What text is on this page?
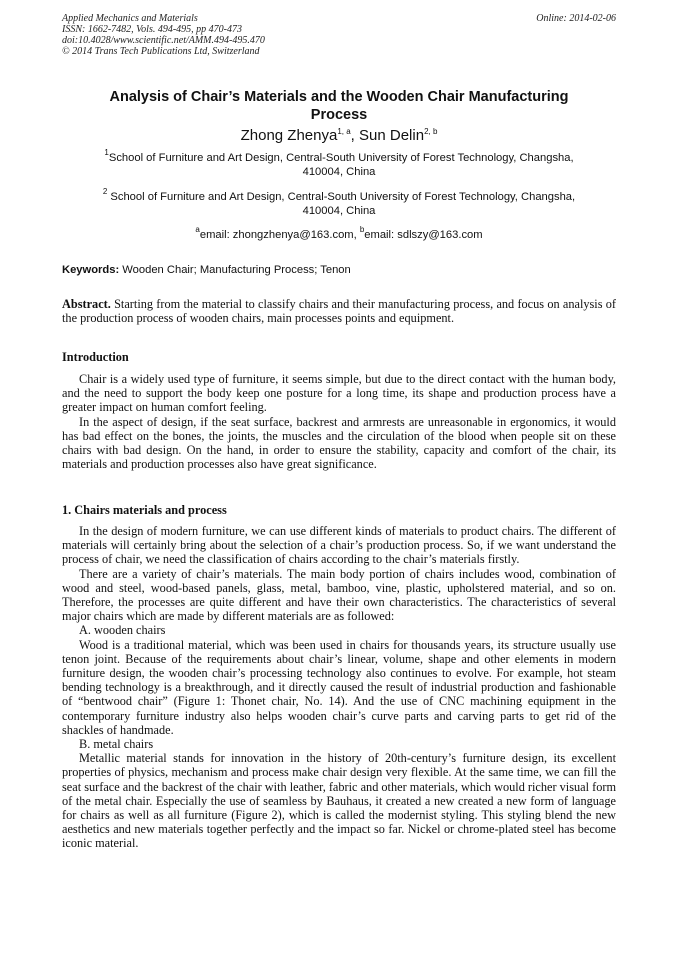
Applied Mechanics and Materials
ISSN: 1662-7482, Vols. 494-495, pp 470-473
doi:10.4028/www.scientific.net/AMM.494-495.470
© 2014 Trans Tech Publications Ltd, Switzerland
Online: 2014-02-06
Analysis of Chair’s Materials and the Wooden Chair Manufacturing
Process
Zhong Zhenya$^{1, a}$, Sun Delin$^{2, b}$
$^1$School of Furniture and Art Design, Central-South University of Forest Technology, Changsha,
410004, China
$^2$ School of Furniture and Art Design, Central-South University of Forest Technology, Changsha,
410004, China
$^a$email: zhongzhenya@163.com, $^b$email: sdlszy@163.com
Keywords: Wooden Chair; Manufacturing Process; Tenon
Abstract. Starting from the material to classify chairs and their manufacturing process, and focus on analysis of the production process of wooden chairs, main processes points and equipment.
Introduction

Chair is a widely used type of furniture, it seems simple, but due to the direct contact with the human body, and the need to support the body keep one posture for a long time, its shape and production process have a greater impact on human comfort feeling.

In the aspect of design, if the seat surface, backrest and armrests are unreasonable in ergonomics, it would has bad effect on the bones, the joints, the muscles and the circulation of the blood when people sit on these chairs with bad design. On the hand, in order to ensure the stability, capacity and comfort of the chair, its materials and production processes also have great significance.

1. Chairs materials and process

In the design of modern furniture, we can use different kinds of materials to product chairs. The different of materials will certainly bring about the selection of a chair’s production process. So, if we want understand the process of chair, we need the classification of chairs according to the chair’s materials firstly.

There are a variety of chair’s materials. The main body portion of chairs includes wood, combination of wood and steel, wood-based panels, glass, metal, bamboo, vine, plastic, upholstered material, and so on. Therefore, the processes are quite different and have their own characteristics. The characteristics of several major chairs which are made by different materials are as followed:

A. wooden chairs

Wood is a traditional material, which was been used in chairs for thousands years, its structure usually use tenon joint. Because of the requirements about chair’s linear, volume, shape and other elements in modern furniture design, the wooden chair’s processing technology also continues to evolve. For example, hot steam bending technology is a breakthrough, and it directly caused the result of industrial production and fashionable of “bentwood chair” (Figure 1: Thonet chair, No. 14). And the use of CNC machining equipment in the contemporary furniture industry also helps wooden chair’s curve parts and carving parts to get rid of the shackles of handmade.

B. metal chairs

Metallic material stands for innovation in the history of 20th-century’s furniture design, its excellent properties of physics, mechanism and process make chair design very flexible. At the same time, we can fill the seat surface and the backrest of the chair with leather, fabric and other materials, which would richer visual form of the metal chair. Especially the use of seamless by Bauhaus, it created a new created a new form of language for chairs as well as all furniture (Figure 2), which is called the modernist styling. This styling blend the new aesthetics and new materials together perfectly and the impact so far. Nickel or chrome-plated steel has become iconic material.
